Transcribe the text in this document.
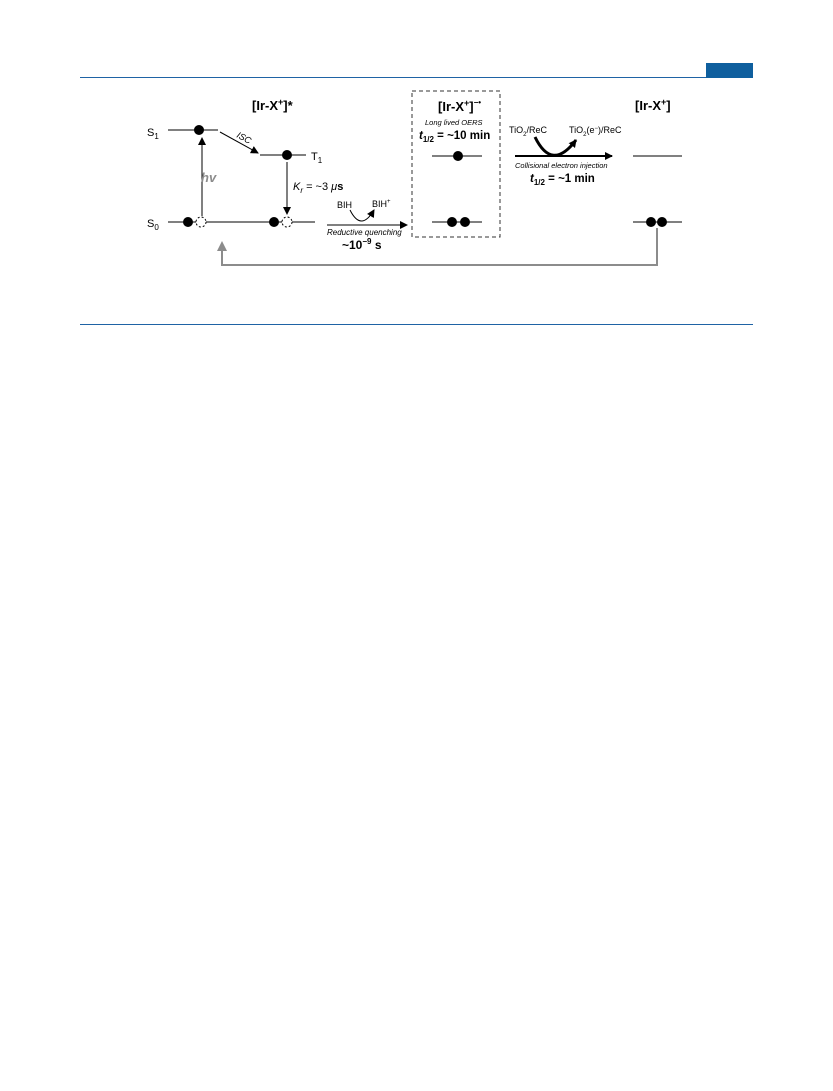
[Ir-X+]*
$S_1$	ISC
$T_1$
hv
$K_r$ = ~3 μs
$S_0$
BIH BIH+
Reductive quenching
$\sim 10^{-9}$ s
[Ir-X+]−•
Long lived OERS
$t_{1/2}$ = ~10 min TiO$_2$/ReC TiO$_2$(e−)/ReC
Collisional electron injection
$t_{1/2}$ = ~1 min
[Ir-X+]
